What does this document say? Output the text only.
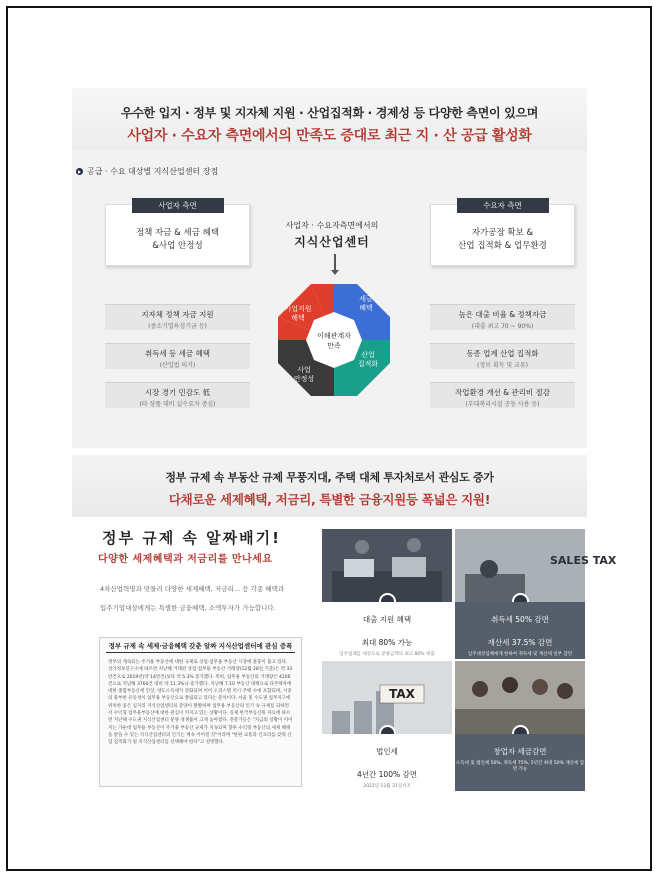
우수한 입지 · 정부 및 지자체 지원 · 산업집적화 · 경제성 등 다양한 측면이 있으며
사업자 · 수요자 측면에서의 만족도 증대로 최근 지 · 산 공급 활성화
공급 · 수요 대상별 지식산업센터 장점
사업자 측면
정책 자금 & 세금 혜택
&사업 안정성
사업자 · 수요자측면에서의
지식산업센터
수요자 측면
자가공장 확보 &
산업 집적화 & 업무환경
이해관계자
만족
기업지원
혜택
세금
혜택
산업
집적화
사업
안정성
지자체 정책 자금 지원
(중소기업육성기금 등)
취득세 등 세금 혜택
(산업법 의거)
시장 경기 민감도 低
(타 상품 대비 실수요자 중심)
높은 대출 비율 & 정책자금
(대출 최고 70 ~ 90%)
동종 업계 산업 집적화
(정보 획득 및 교류)
작업환경 개선 & 관리비 절감
(부대복리시설 공동 사용 등)
정부 규제 속 부동산 규제 무풍지대, 주택 대체 투자처로서 관심도 증가
다채로운 세제혜택, 저금리, 특별한 금융지원등 폭넓은 지원!
정부 규제 속 알짜배기!
다양한 세제혜택과 저금리를 만나세요
4차산업혁명과 맞물려 다양한 세제혜택, 저금리… 등 각종 혜택과
입주기업대상에게는 특별한 금융혜택, 소액투자가 가능합니다.
정부 규제 속 세제·금융혜택 갖춘 알짜 지식산업센터에 관심 증폭
정부의 계속되는 주거용 부동산에 대한 규제로 상업·업무용 부동산 시장에 훈풍이 불고 있다. 상가정보연구소에 따르면 지난해 거래된 상업·업무용 부동산 거래량(12월 28일 기준)은 약 33만건으로 2019년(약 14만건)보다 약 5.3% 증가했다. 특히, 업무용 부동산의 거래량은 4206건으로 지난해 3760건 대비 약 11.3%나 증가했다. 지난해 7.10 부동산 대책으로 다주택자에 대한 종합부동산세 인상, 양도소득세가 강화되며 이어 오피스텔 역시 주택 수에 포함되며, 시중의 풍부한 유동성이 업무용 부동산으로 쏠림되고 있다는 분석이다. 서울 및 수도권 업무지구에 위치한 좋은 입지의 지식산업센터의 분양이 활발하며 업무용 부동산의 인기 속 규제를 피하면서 수익형 업무용부동산에 대한 관심이 커지고 있는 상황이다. 실제 한국부동산원 자료에 따르면 지난해 수도권 지식산업센터 분양 경쟁률이 크게 높아졌다. 전문가들은 "지금의 상황이 이어지는 가운데 업무용 부동산이 주거용 부동산 규제가 지속되며 향후 수익형 부동산의 세제 혜택을 받을 수 있는 지식산업센터의 인기는 계속 이어질 것"이라며 "한편 교통과 인프라를 갖춰 산업 집적화가 될 지식산업센터를 선택해야 한다"고 설명했다.
대출 지원 혜택
최대 80% 가능
입주업체를 대상으로 분양금액의 최고 80% 대출
SALES TAX
취득세 50% 감면
재산세 37.5% 감면
입주대상업체에게 한하여 취득세 및 재산세 일부 감면
TAX
법인세
4년간 100% 감면
2022년 12월 31일까지
창업자 세금감면
소득세 및 법인세 50%, 취득세 75%, 5년간 최대 50% 재산세 감면 가능
